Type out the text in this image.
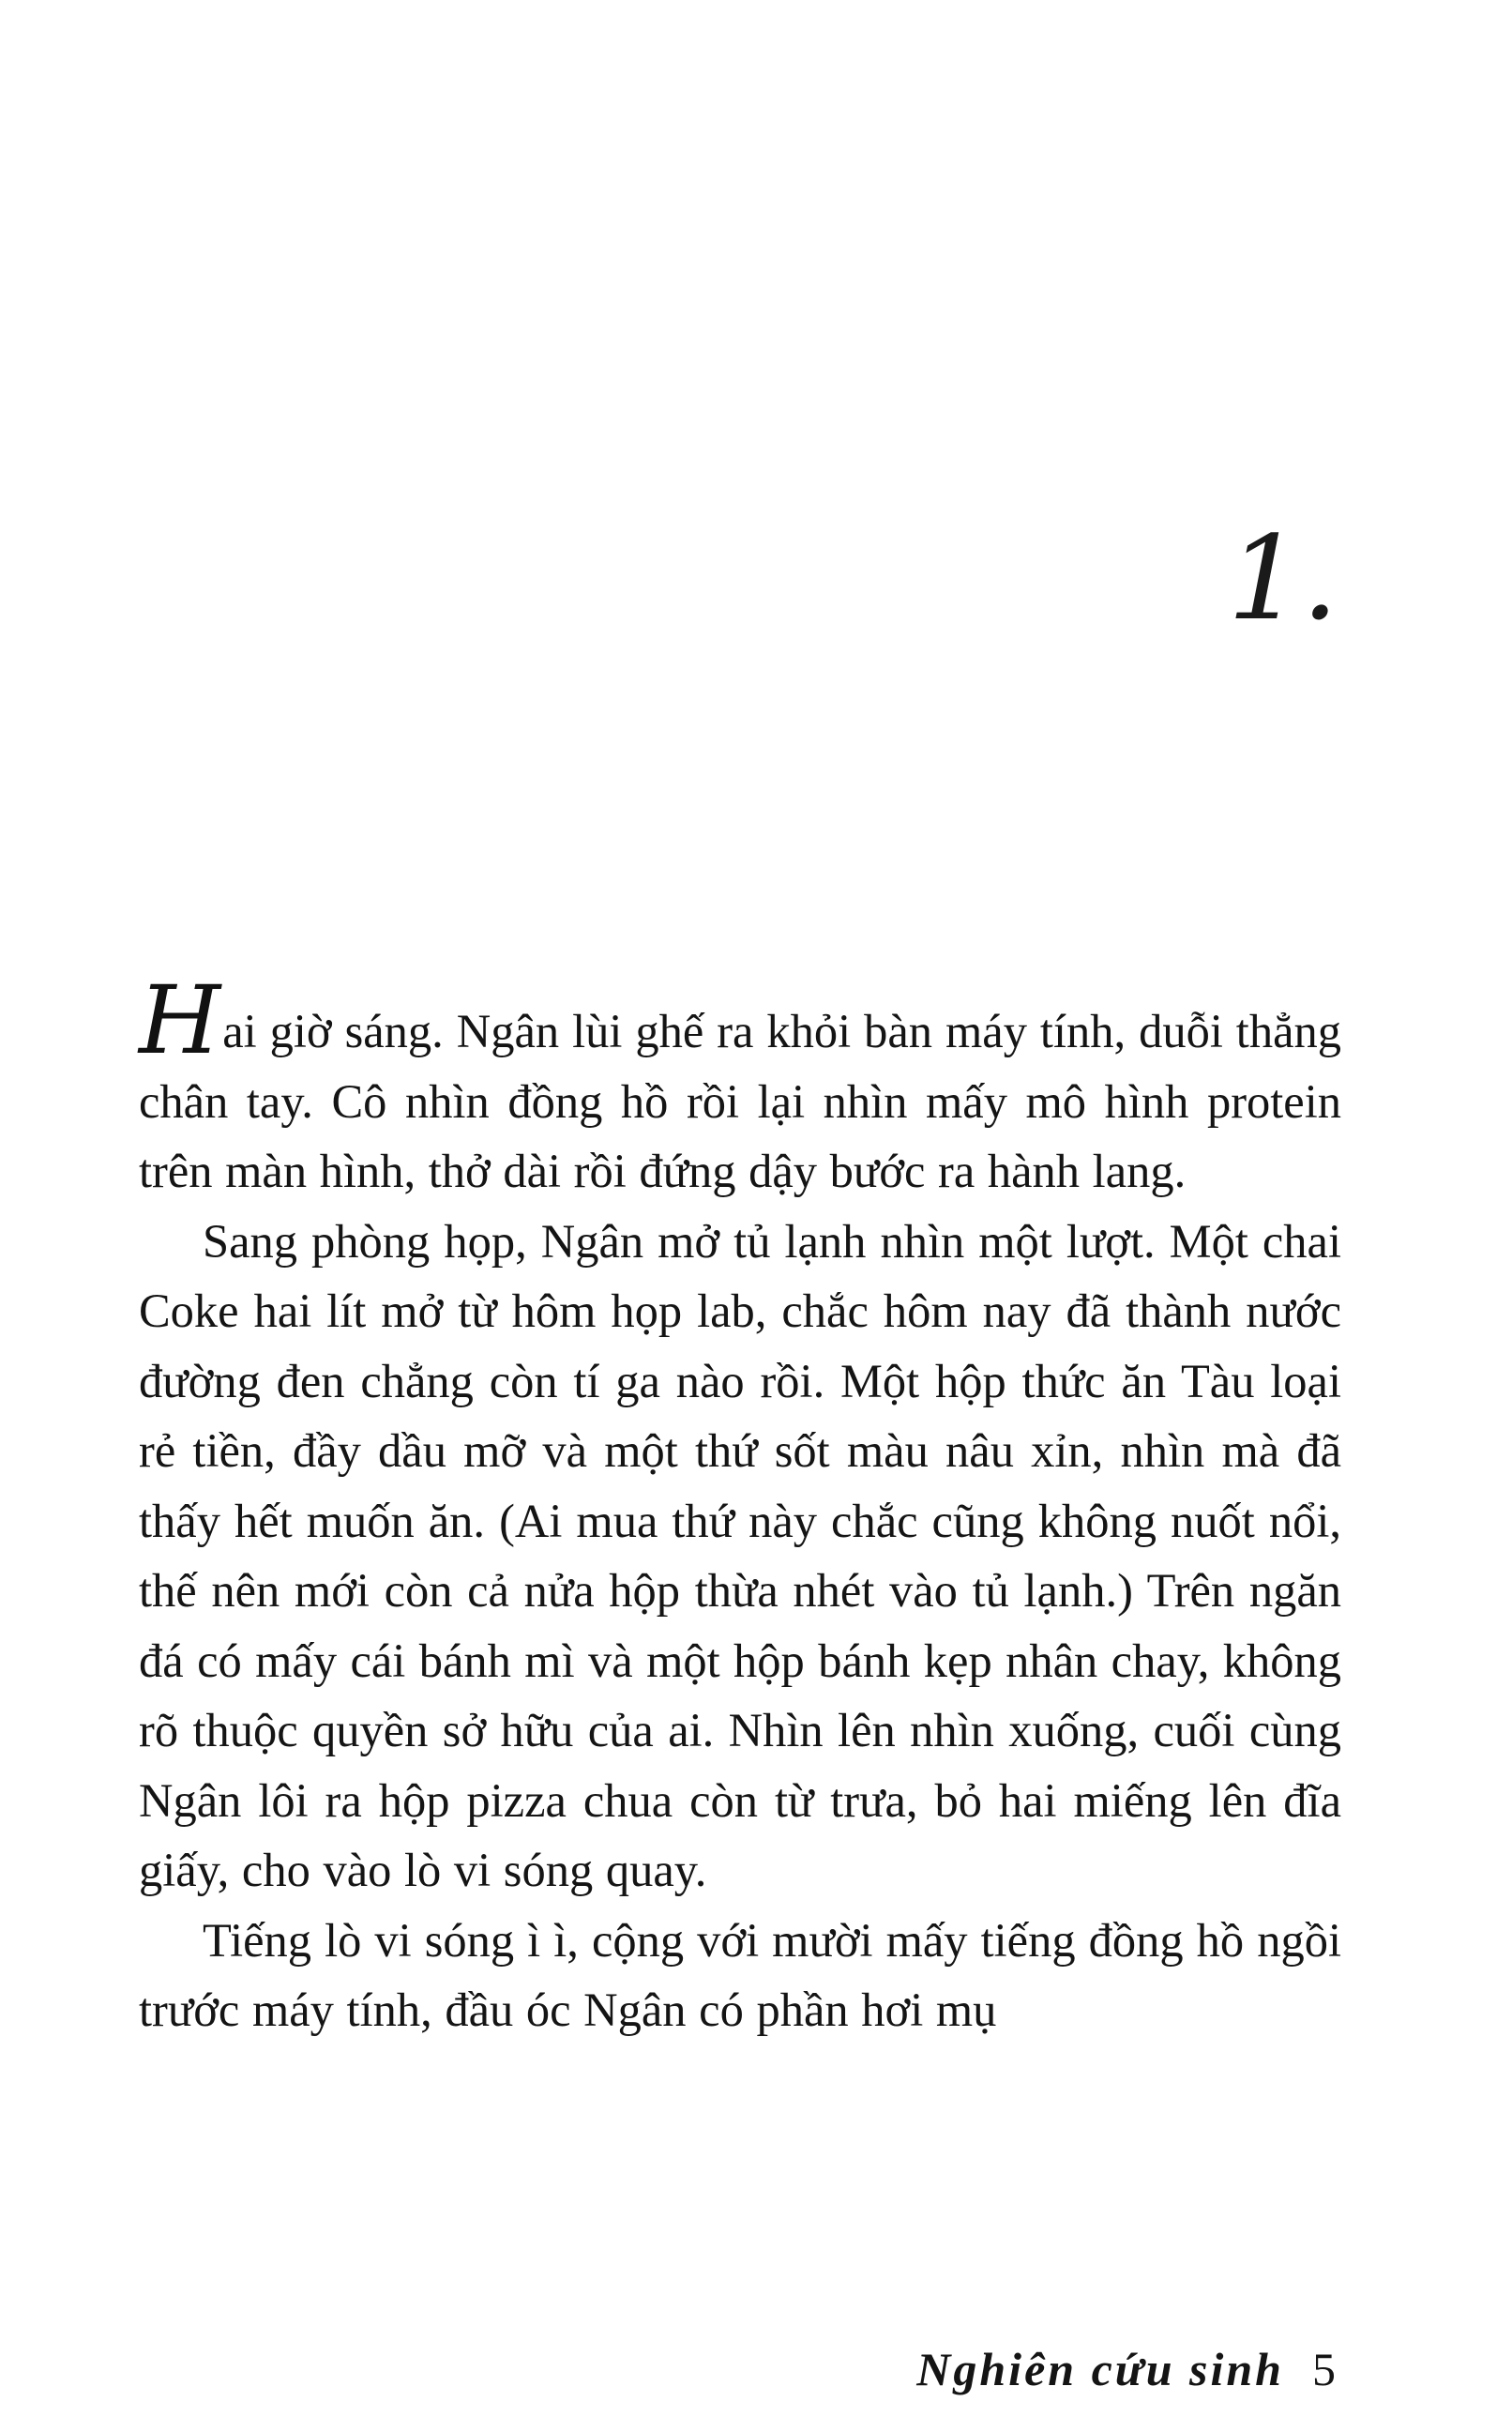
1.

Hai giờ sáng. Ngân lùi ghế ra khỏi bàn máy tính, duỗi thẳng chân tay. Cô nhìn đồng hồ rồi lại nhìn mấy mô hình protein trên màn hình, thở dài rồi đứng dậy bước ra hành lang.

Sang phòng họp, Ngân mở tủ lạnh nhìn một lượt. Một chai Coke hai lít mở từ hôm họp lab, chắc hôm nay đã thành nước đường đen chẳng còn tí ga nào rồi. Một hộp thức ăn Tàu loại rẻ tiền, đầy dầu mỡ và một thứ sốt màu nâu xỉn, nhìn mà đã thấy hết muốn ăn. (Ai mua thứ này chắc cũng không nuốt nổi, thế nên mới còn cả nửa hộp thừa nhét vào tủ lạnh.) Trên ngăn đá có mấy cái bánh mì và một hộp bánh kẹp nhân chay, không rõ thuộc quyền sở hữu của ai. Nhìn lên nhìn xuống, cuối cùng Ngân lôi ra hộp pizza chua còn từ trưa, bỏ hai miếng lên đĩa giấy, cho vào lò vi sóng quay.

Tiếng lò vi sóng ì ì, cộng với mười mấy tiếng đồng hồ ngồi trước máy tính, đầu óc Ngân có phần hơi mụ

Nghiên cứu sinh 5
